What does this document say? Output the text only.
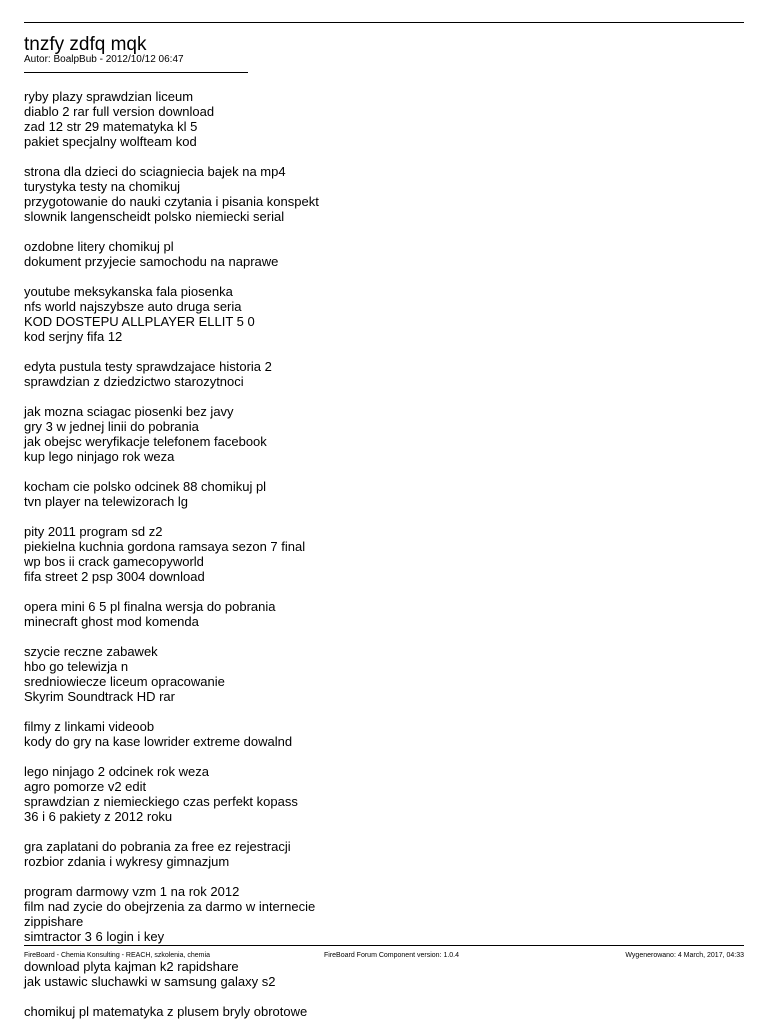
tnzfy zdfq mqk
Autor: BoalpBub - 2012/10/12 06:47
ryby plazy sprawdzian liceum
diablo 2 rar full version download
zad 12 str 29 matematyka kl 5
pakiet specjalny wolfteam kod
strona dla dzieci do sciagniecia bajek na mp4
turystyka testy na chomikuj
przygotowanie do nauki czytania i pisania konspekt
slownik langenscheidt polsko niemiecki serial
ozdobne litery chomikuj pl
dokument przyjecie samochodu na naprawe
youtube meksykanska fala piosenka
nfs world najszybsze auto druga seria
KOD DOSTEPU ALLPLAYER ELLIT 5 0
kod serjny fifa 12
edyta pustula testy sprawdzajace historia 2
sprawdzian z dziedzictwo starozytnoci
jak mozna sciagac piosenki bez javy
gry 3 w jednej linii do pobrania
jak obejsc weryfikacje telefonem facebook
kup lego ninjago rok weza
kocham cie polsko odcinek 88 chomikuj pl
tvn player na telewizorach lg
pity 2011 program sd z2
piekielna kuchnia gordona ramsaya sezon 7 final
wp bos ii crack gamecopyworld
fifa street 2 psp 3004 download
opera mini 6 5 pl finalna wersja do pobrania
minecraft ghost mod komenda
szycie reczne zabawek
hbo go telewizja n
sredniowiecze liceum opracowanie
Skyrim Soundtrack HD rar
filmy z linkami videoob
kody do gry na kase lowrider extreme dowalnd
lego ninjago 2 odcinek rok weza
agro pomorze v2 edit
sprawdzian z niemieckiego czas perfekt kopass
36 i 6 pakiety z 2012 roku
gra zaplatani do pobrania za free ez rejestracji
rozbior zdania i wykresy gimnazjum
program darmowy vzm 1 na rok 2012
film nad zycie do obejrzenia za darmo w internecie
zippishare
simtractor 3 6 login i key
download plyta kajman k2 rapidshare
jak ustawic sluchawki w samsung galaxy s2
chomikuj pl matematyka z plusem bryly obrotowe
FireBoard - Chemia Konsulting - REACH, szkolenia, chemia	FireBoard Forum Component version: 1.0.4	Wygenerowano: 4 March, 2017, 04:33
